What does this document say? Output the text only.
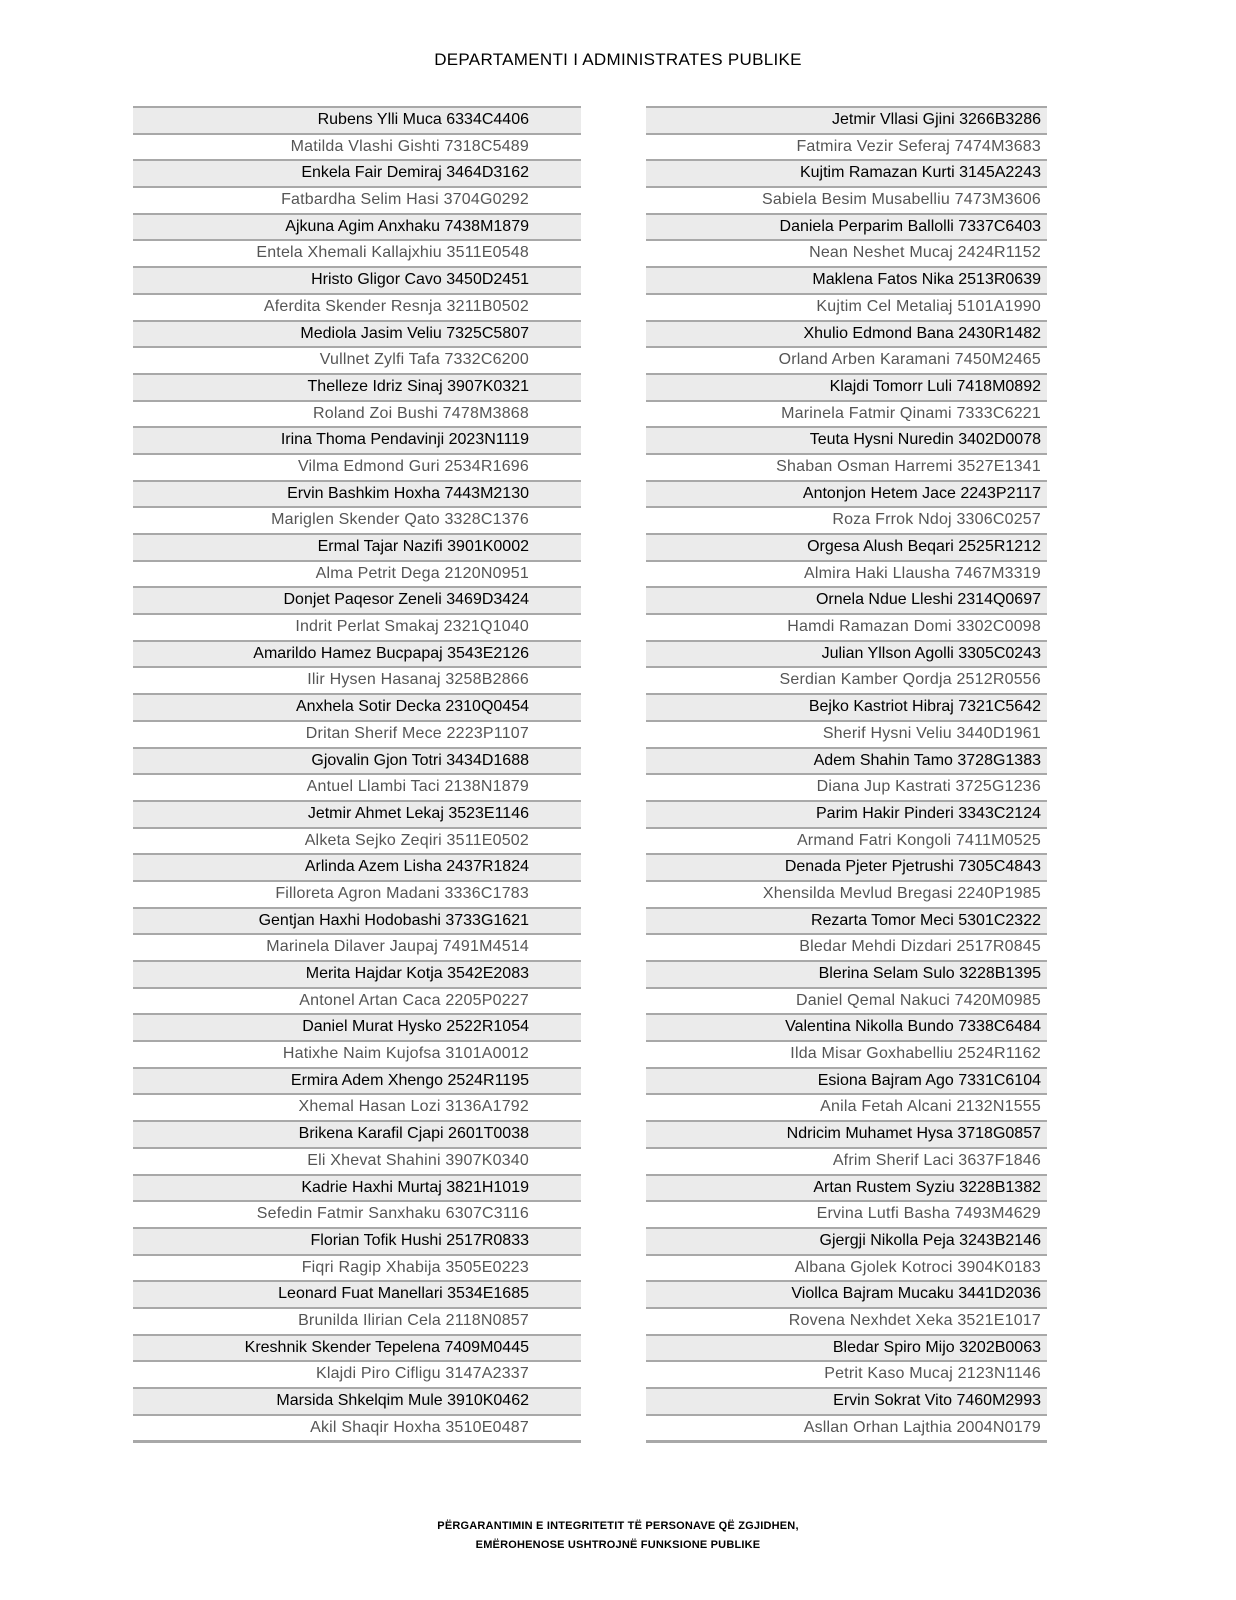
DEPARTAMENTI I ADMINISTRATES PUBLIKE
Rubens Ylli Muca 6334C4406
Matilda Vlashi Gishti 7318C5489
Enkela Fair Demiraj 3464D3162
Fatbardha Selim Hasi 3704G0292
Ajkuna Agim Anxhaku 7438M1879
Entela Xhemali Kallajxhiu 3511E0548
Hristo Gligor Cavo 3450D2451
Aferdita Skender Resnja 3211B0502
Mediola Jasim Veliu 7325C5807
Vullnet Zylfi Tafa 7332C6200
Thelleze Idriz Sinaj 3907K0321
Roland Zoi Bushi 7478M3868
Irina Thoma Pendavinji 2023N1119
Vilma Edmond Guri 2534R1696
Ervin Bashkim Hoxha 7443M2130
Mariglen Skender Qato 3328C1376
Ermal Tajar Nazifi 3901K0002
Alma Petrit Dega 2120N0951
Donjet Paqesor Zeneli 3469D3424
Indrit Perlat Smakaj 2321Q1040
Amarildo Hamez Bucpapaj 3543E2126
Ilir Hysen Hasanaj 3258B2866
Anxhela Sotir Decka 2310Q0454
Dritan Sherif Mece 2223P1107
Gjovalin Gjon Totri 3434D1688
Antuel Llambi Taci 2138N1879
Jetmir Ahmet Lekaj 3523E1146
Alketa Sejko Zeqiri 3511E0502
Arlinda Azem Lisha 2437R1824
Filloreta Agron Madani 3336C1783
Gentjan Haxhi Hodobashi 3733G1621
Marinela Dilaver Jaupaj 7491M4514
Merita Hajdar Kotja 3542E2083
Antonel Artan Caca 2205P0227
Daniel Murat Hysko 2522R1054
Hatixhe Naim Kujofsa 3101A0012
Ermira Adem Xhengo 2524R1195
Xhemal Hasan Lozi 3136A1792
Brikena Karafil Cjapi 2601T0038
Eli Xhevat Shahini 3907K0340
Kadrie Haxhi Murtaj 3821H1019
Sefedin Fatmir Sanxhaku 6307C3116
Florian Tofik Hushi 2517R0833
Fiqri Ragip Xhabija 3505E0223
Leonard Fuat Manellari 3534E1685
Brunilda Ilirian Cela 2118N0857
Kreshnik Skender Tepelena 7409M0445
Klajdi Piro Cifligu 3147A2337
Marsida Shkelqim Mule 3910K0462
Akil Shaqir Hoxha 3510E0487
Jetmir Vllasi Gjini 3266B3286
Fatmira Vezir Seferaj 7474M3683
Kujtim Ramazan Kurti 3145A2243
Sabiela Besim Musabelliu 7473M3606
Daniela Perparim Ballolli 7337C6403
Nean Neshet Mucaj 2424R1152
Maklena Fatos Nika 2513R0639
Kujtim Cel Metaliaj 5101A1990
Xhulio Edmond Bana 2430R1482
Orland Arben Karamani 7450M2465
Klajdi Tomorr Luli 7418M0892
Marinela Fatmir Qinami 7333C6221
Teuta Hysni Nuredin 3402D0078
Shaban Osman Harremi 3527E1341
Antonjon Hetem Jace 2243P2117
Roza Frrok Ndoj 3306C0257
Orgesa Alush Beqari 2525R1212
Almira Haki Llausha 7467M3319
Ornela Ndue Lleshi 2314Q0697
Hamdi Ramazan Domi 3302C0098
Julian Yllson Agolli 3305C0243
Serdian Kamber Qordja 2512R0556
Bejko Kastriot Hibraj 7321C5642
Sherif Hysni Veliu 3440D1961
Adem Shahin Tamo 3728G1383
Diana Jup Kastrati 3725G1236
Parim Hakir Pinderi 3343C2124
Armand Fatri Kongoli 7411M0525
Denada Pjeter Pjetrushi 7305C4843
Xhensilda Mevlud Bregasi 2240P1985
Rezarta Tomor Meci 5301C2322
Bledar Mehdi Dizdari 2517R0845
Blerina Selam Sulo 3228B1395
Daniel Qemal Nakuci 7420M0985
Valentina Nikolla Bundo 7338C6484
Ilda Misar Goxhabelliu 2524R1162
Esiona Bajram Ago 7331C6104
Anila Fetah Alcani 2132N1555
Ndricim Muhamet Hysa 3718G0857
Afrim Sherif Laci 3637F1846
Artan Rustem Syziu 3228B1382
Ervina Lutfi Basha 7493M4629
Gjergji Nikolla Peja 3243B2146
Albana Gjolek Kotroci 3904K0183
Viollca Bajram Mucaku 3441D2036
Rovena Nexhdet Xeka 3521E1017
Bledar Spiro Mijo 3202B0063
Petrit Kaso Mucaj 2123N1146
Ervin Sokrat Vito 7460M2993
Asllan Orhan Lajthia 2004N0179
PËRGARANTIMIN E INTEGRITETIT TË PERSONAVE QË ZGJIDHEN,
EMËROHENOSE USHTROJNË FUNKSIONE PUBLIKE
